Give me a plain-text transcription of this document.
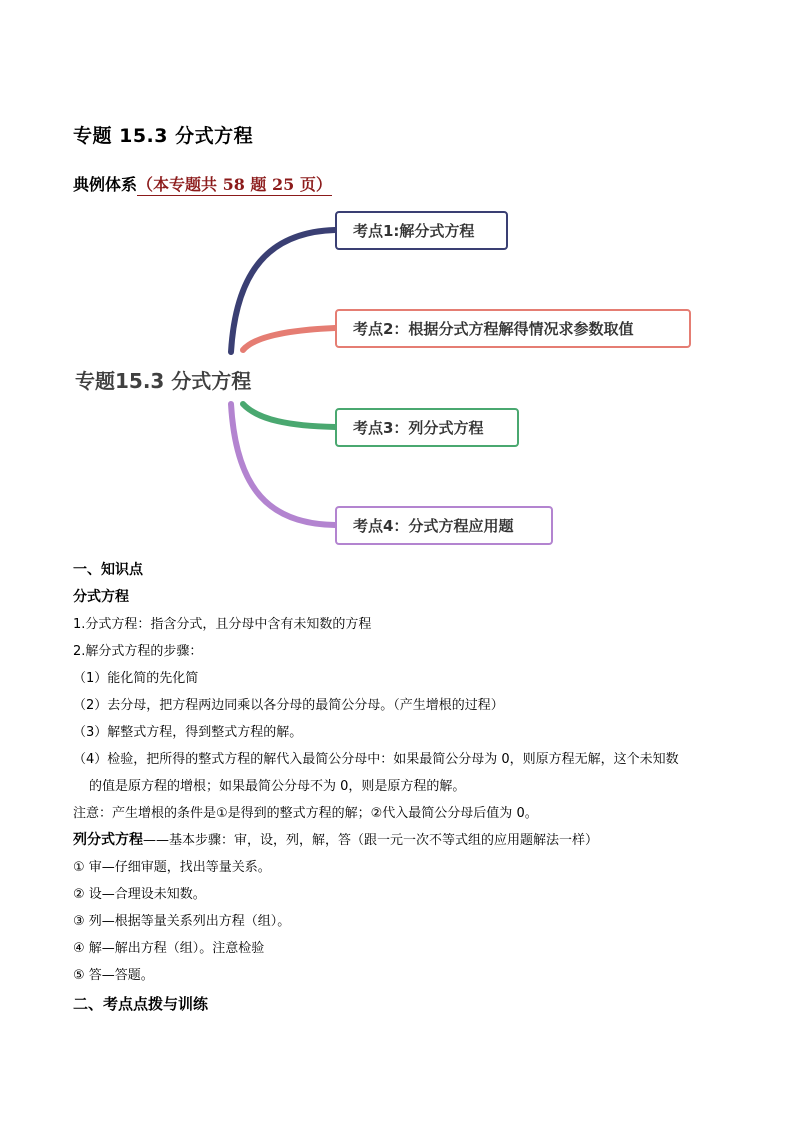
专题 15.3 分式方程
典例体系（本专题共 58 题 25 页）
专题15.3 分式方程
考点1:解分式方程
考点2：根据分式方程解得情况求参数取值
考点3：列分式方程
考点4：分式方程应用题
一、知识点
分式方程
1.分式方程：指含分式，且分母中含有未知数的方程
2.解分式方程的步骤：
（1）能化简的先化简
（2）去分母，把方程两边同乘以各分母的最简公分母。（产生增根的过程）
（3）解整式方程，得到整式方程的解。
（4）检验，把所得的整式方程的解代入最简公分母中：如果最简公分母为 0，则原方程无解，这个未知数
的值是原方程的增根；如果最简公分母不为 0，则是原方程的解。
注意：产生增根的条件是①是得到的整式方程的解；②代入最简公分母后值为 0。
列分式方程——基本步骤：审，设，列，解，答（跟一元一次不等式组的应用题解法一样）
① 审—仔细审题，找出等量关系。
② 设—合理设未知数。
③ 列—根据等量关系列出方程（组）。
④ 解—解出方程（组）。注意检验
⑤ 答—答题。
二、考点点拨与训练
